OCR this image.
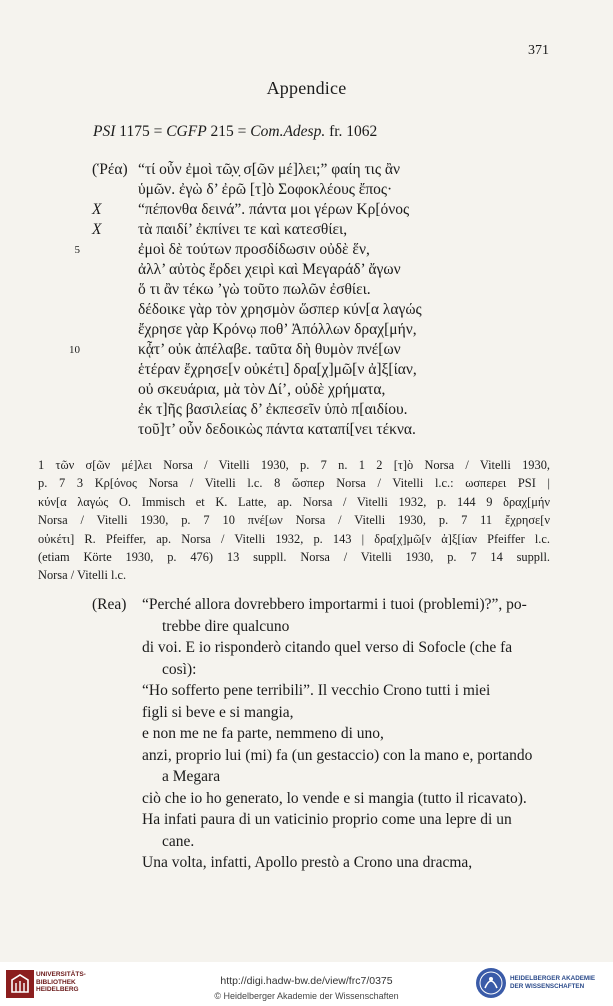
371
Appendice
PSI 1175 = CGFP 215 = Com.Adesp. fr. 1062
(Ῥέα) “τί οὖν ἐμοὶ τῶ̣ν̣ σ[ῶν μέ]λει;” φαίη τις ἂν
ὑμῶν. ἐγὼ δ’ ἐρῶ [τ]ὸ Σοφοκλέους ἔπος·
X “πέπονθα δεινά”. πάντα μοι γέρων Κρ[όνος
X τὰ παιδί’ ἐκπίνει τε καὶ κατεσθίει,
5	ἐμοὶ δὲ τούτων προσδίδωσιν οὐδὲ ἕν,
ἀλλ’ αὐτὸς ἔρδει χειρὶ καὶ Μεγαράδ’ ἄγων
ὅ τι ἂν τέκω ’γὼ τοῦτο πωλῶν ἐσθίει.
δέδοικε γὰρ τὸν χρησμὸν ὥσπερ κύν[α λαγώς
ἔχρησε γὰρ Κρόνῳ ποθ’ Ἀπόλλων δραχ[μήν,
10	κᾆτ’ οὐκ ἀπέλαβε. ταῦτα δὴ θυμὸν πνέ[ων
ἑτέραν ἔχρησε[ν οὐκέτι] δρα[χ]μῶ[ν ἀ]ξ[ίαν,
οὐ σκευάρια, μὰ τὸν Δί’, οὐδὲ χρήματα,
ἐκ τ]ῆς βασιλείας δ’ ἐκπεσεῖν ὑπὸ π[αιδίου.
τοῦ]τ’ οὖν δεδοικὼς πάντα καταπί[νει τέκνα.
1 τῶν σ[ῶν μέ]λει Norsa / Vitelli 1930, p. 7 n. 1 2 [τ]ὸ Norsa / Vitelli 1930,
p. 7 3 Κρ[όνος Norsa / Vitelli l.c. 8 ὥσπερ Norsa / Vitelli l.c.: ωσπερει PSI |
κύν[α λαγώς O. Immisch et K. Latte, ap. Norsa / Vitelli 1932, p. 144 9 δραχ[μήν
Norsa / Vitelli 1930, p. 7 10 πνέ[ων Norsa / Vitelli 1930, p. 7 11 ἔχρησε[ν
οὐκέτι] R. Pfeiffer, ap. Norsa / Vitelli 1932, p. 143 | δρα[χ]μῶ[ν ἀ]ξ[ίαν Pfeiffer l.c.
(etiam Körte 1930, p. 476) 13 suppll. Norsa / Vitelli 1930, p. 7 14 suppll.
Norsa / Vitelli l.c.
(Rea) “Perché allora dovrebbero importarmi i tuoi (problemi)?”, po-
trebbe dire qualcuno
di voi. E io risponderò citando quel verso di Sofocle (che fa
così):
“Ho sofferto pene terribili”. Il vecchio Crono tutti i miei
figli si beve e si mangia,
e non me ne fa parte, nemmeno di uno,
anzi, proprio lui (mi) fa (un gestaccio) con la mano e, portando
a Megara
ciò che io ho generato, lo vende e si mangia (tutto il ricavato).
Ha infati paura di un vaticinio proprio come una lepre di un
cane.
Una volta, infatti, Apollo prestò a Crono una dracma,
UNIVERSITÄTS-
BIBLIOTHEK
HEIDELBERG
http://digi.hadw-bw.de/view/frc7/0375
© Heidelberger Akademie der Wissenschaften
HEIDELBERGER AKADEMIE
DER WISSENSCHAFTEN
